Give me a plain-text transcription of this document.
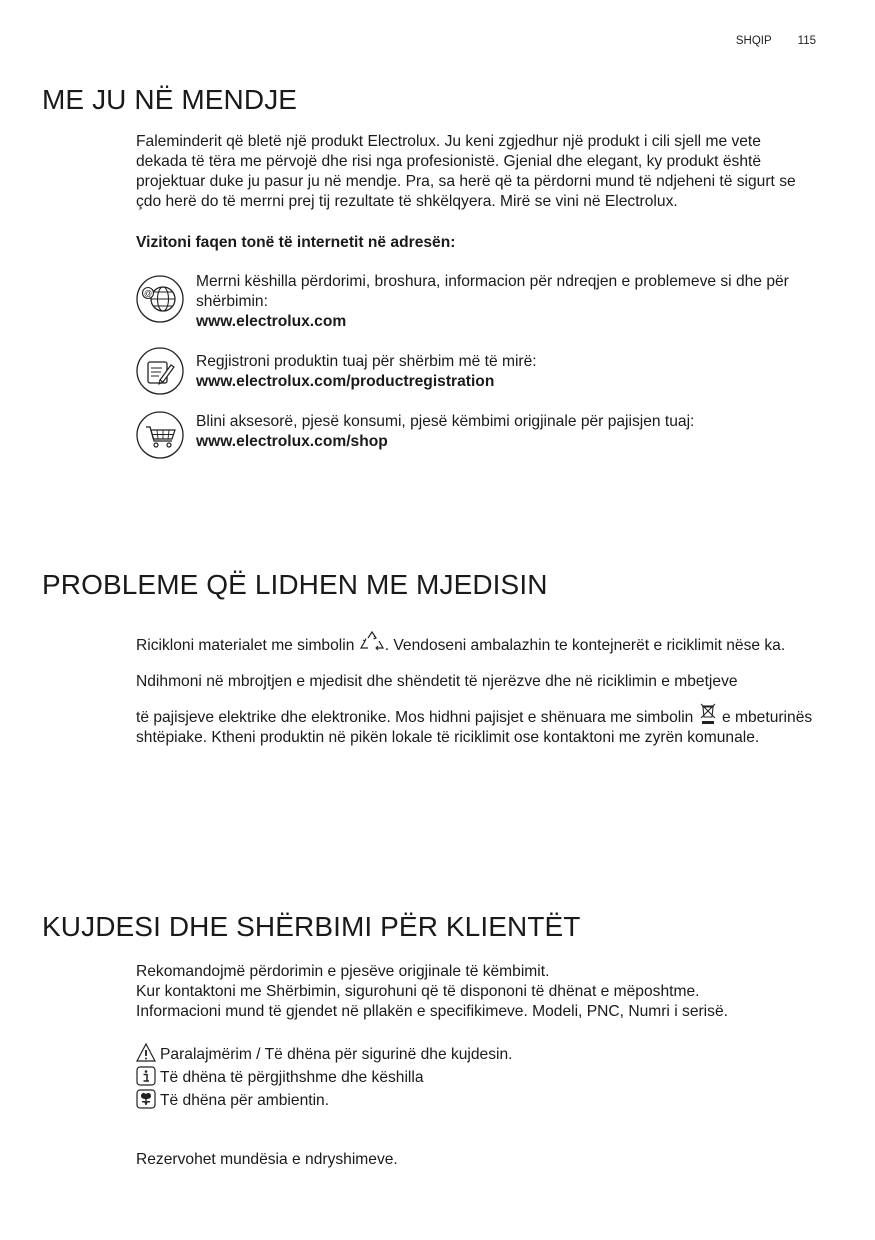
SHQIP 115
ME JU NË MENDJE

Faleminderit që bletë një produkt Electrolux. Ju keni zgjedhur një produkt i cili sjell me vete dekada të tëra me përvojë dhe risi nga profesionistë. Gjenial dhe elegant, ky produkt është projektuar duke ju pasur ju në mendje. Pra, sa herë që ta përdorni mund të ndjeheni të sigurt se çdo herë do të merrni prej tij rezultate të shkëlqyera. Mirë se vini në Electrolux.

Vizitoni faqen tonë të internetit në adresën:
@
Merrni këshilla përdorimi, broshura, informacion për ndreqjen e problemeve si dhe për shërbimin:
www.electrolux.com
Regjistroni produktin tuaj për shërbim më të mirë:
www.electrolux.com/productregistration
Blini aksesorë, pjesë konsumi, pjesë këmbimi origjinale për pajisjen tuaj:
www.electrolux.com/shop
PROBLEME QË LIDHEN ME MJEDISIN
Ricikloni materialet me simbolin . Vendoseni ambalazhin te kontejnerët e riciklimit nëse ka.
Ndihmoni në mbrojtjen e mjedisit dhe shëndetit të njerëzve dhe në riciklimin e mbetjeve
të pajisjeve elektrike dhe elektronike. Mos hidhni pajisjet e shënuara me simbolin  e mbeturinës shtëpiake. Ktheni produktin në pikën lokale të riciklimit ose kontaktoni me zyrën komunale.
KUJDESI DHE SHËRBIMI PËR KLIENTËT

Rekomandojmë përdorimin e pjesëve origjinale të këmbimit.

Kur kontaktoni me Shërbimin, sigurohuni që të dispononi të dhënat e mëposhtme.

Informacioni mund të gjendet në pllakën e specifikimeve. Modeli, PNC, Numri i serisë.

Paralajmërim / Të dhëna për sigurinë dhe kujdesin.
Të dhëna të përgjithshme dhe këshilla
Të dhëna për ambientin.
Rezervohet mundësia e ndryshimeve.
